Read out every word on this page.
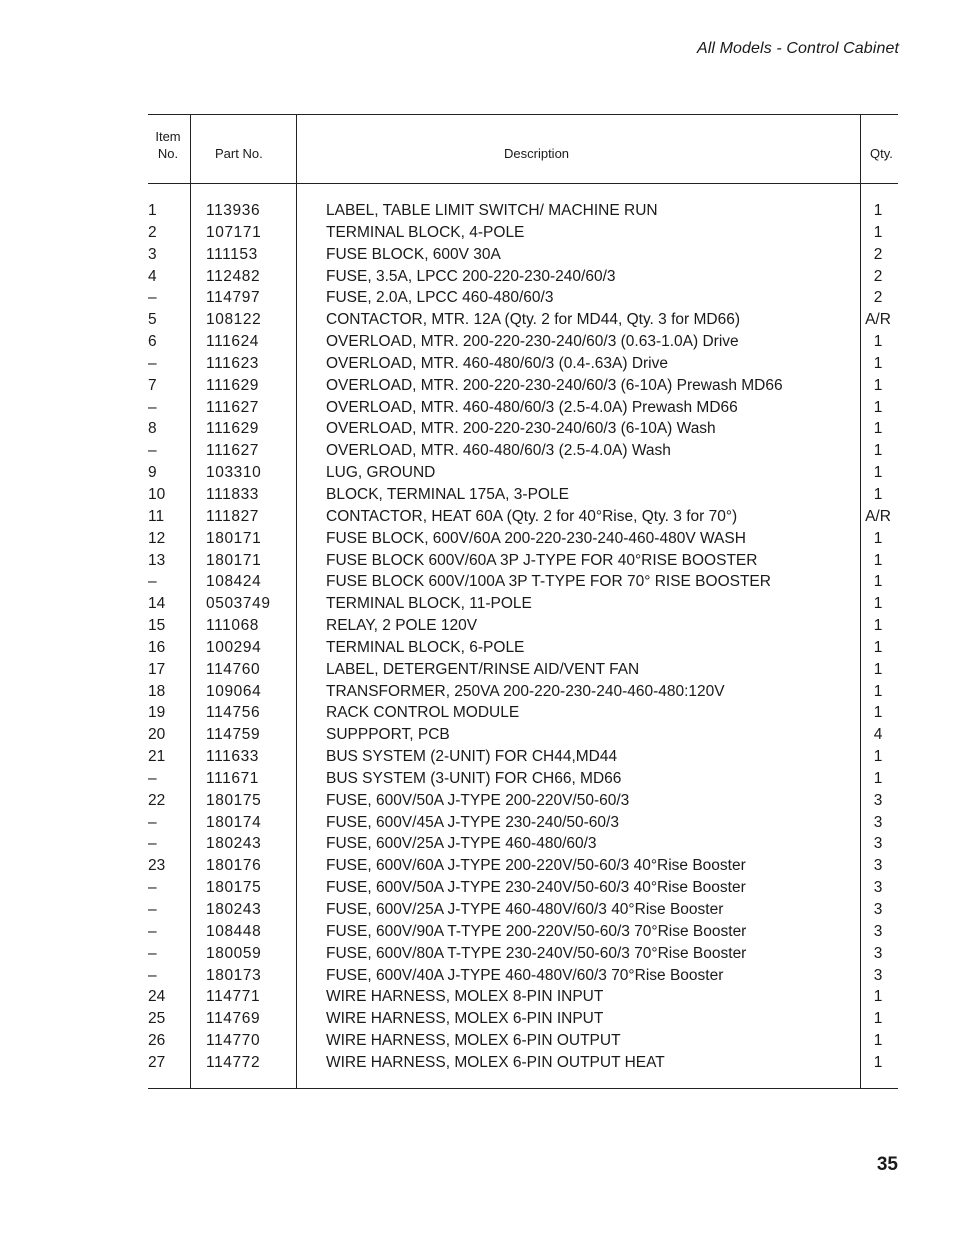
All Models - Control Cabinet
Item
No.	Part No.	Description	Qty.
1	113936	LABEL, TABLE LIMIT SWITCH/ MACHINE RUN	1
2	107171	TERMINAL BLOCK, 4-POLE	1
3	111153	FUSE BLOCK, 600V 30A	2
4	112482	FUSE, 3.5A, LPCC 200-220-230-240/60/3	2
–	114797	FUSE, 2.0A, LPCC 460-480/60/3	2
5	108122	CONTACTOR, MTR. 12A (Qty. 2 for MD44, Qty. 3 for MD66)	A/R
6	111624	OVERLOAD, MTR. 200-220-230-240/60/3 (0.63-1.0A) Drive	1
–	111623	OVERLOAD, MTR. 460-480/60/3 (0.4-.63A) Drive	1
7	111629	OVERLOAD, MTR. 200-220-230-240/60/3 (6-10A) Prewash MD66	1
–	111627	OVERLOAD, MTR. 460-480/60/3 (2.5-4.0A) Prewash MD66	1
8	111629	OVERLOAD, MTR. 200-220-230-240/60/3 (6-10A) Wash	1
–	111627	OVERLOAD, MTR. 460-480/60/3 (2.5-4.0A) Wash	1
9	103310	LUG, GROUND	1
10	111833	BLOCK, TERMINAL 175A, 3-POLE	1
11	111827	CONTACTOR, HEAT 60A (Qty. 2 for 40°Rise, Qty. 3 for 70°)	A/R
12	180171	FUSE BLOCK, 600V/60A 200-220-230-240-460-480V WASH	1
13	180171	FUSE BLOCK 600V/60A 3P J-TYPE FOR 40°RISE BOOSTER	1
–	108424	FUSE BLOCK 600V/100A 3P T-TYPE FOR 70° RISE BOOSTER	1
14	0503749	TERMINAL BLOCK, 11-POLE	1
15	111068	RELAY, 2 POLE 120V	1
16	100294	TERMINAL BLOCK, 6-POLE	1
17	114760	LABEL, DETERGENT/RINSE AID/VENT FAN	1
18	109064	TRANSFORMER, 250VA 200-220-230-240-460-480:120V	1
19	114756	RACK CONTROL MODULE	1
20	114759	SUPPPORT, PCB	4
21	111633	BUS SYSTEM (2-UNIT) FOR CH44,MD44	1
–	111671	BUS SYSTEM (3-UNIT) FOR CH66, MD66	1
22	180175	FUSE, 600V/50A J-TYPE 200-220V/50-60/3	3
–	180174	FUSE, 600V/45A J-TYPE 230-240/50-60/3	3
–	180243	FUSE, 600V/25A J-TYPE 460-480/60/3	3
23	180176	FUSE, 600V/60A J-TYPE 200-220V/50-60/3 40°Rise Booster	3
–	180175	FUSE, 600V/50A J-TYPE 230-240V/50-60/3 40°Rise Booster	3
–	180243	FUSE, 600V/25A J-TYPE 460-480V/60/3 40°Rise Booster	3
–	108448	FUSE, 600V/90A T-TYPE 200-220V/50-60/3 70°Rise Booster	3
–	180059	FUSE, 600V/80A T-TYPE 230-240V/50-60/3 70°Rise Booster	3
–	180173	FUSE, 600V/40A J-TYPE 460-480V/60/3 70°Rise Booster	3
24	114771	WIRE HARNESS, MOLEX 8-PIN INPUT	1
25	114769	WIRE HARNESS, MOLEX 6-PIN INPUT	1
26	114770	WIRE HARNESS, MOLEX 6-PIN OUTPUT	1
27	114772	WIRE HARNESS, MOLEX 6-PIN OUTPUT HEAT	1
35
